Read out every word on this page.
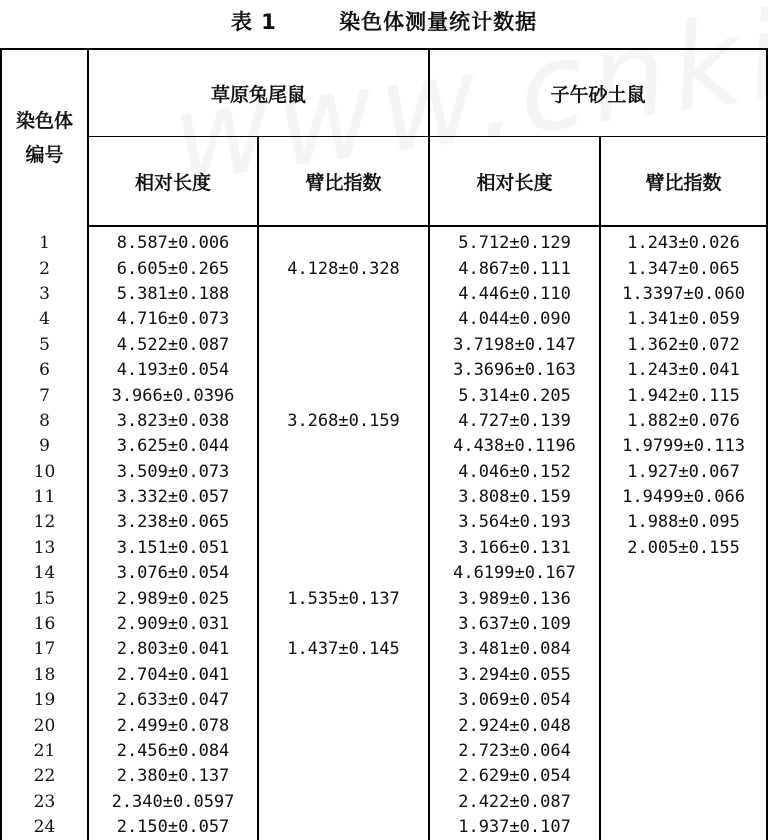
表 1	染色体测量统计数据
染色体
编号	草原兔尾鼠		子午砂土鼠	
	相对长度	臂比指数	相对长度	臂比指数
1	8.587±0.006		5.712±0.129	1.243±0.026
2	6.605±0.265	4.128±0.328	4.867±0.111	1.347±0.065
3	5.381±0.188		4.446±0.110	1.3397±0.060
4	4.716±0.073		4.044±0.090	1.341±0.059
5	4.522±0.087		3.7198±0.147	1.362±0.072
6	4.193±0.054		3.3696±0.163	1.243±0.041
7	3.966±0.0396		5.314±0.205	1.942±0.115
8	3.823±0.038	3.268±0.159	4.727±0.139	1.882±0.076
9	3.625±0.044		4.438±0.1196	1.9799±0.113
10	3.509±0.073		4.046±0.152	1.927±0.067
11	3.332±0.057		3.808±0.159	1.9499±0.066
12	3.238±0.065		3.564±0.193	1.988±0.095
13	3.151±0.051		3.166±0.131	2.005±0.155
14	3.076±0.054		4.6199±0.167	
15	2.989±0.025	1.535±0.137	3.989±0.136	
16	2.909±0.031		3.637±0.109	
17	2.803±0.041	1.437±0.145	3.481±0.084	
18	2.704±0.041		3.294±0.055	
19	2.633±0.047		3.069±0.054	
20	2.499±0.078		2.924±0.048	
21	2.456±0.084		2.723±0.064	
22	2.380±0.137		2.629±0.054	
23	2.340±0.0597		2.422±0.087	
24	2.150±0.057		1.937±0.107	
